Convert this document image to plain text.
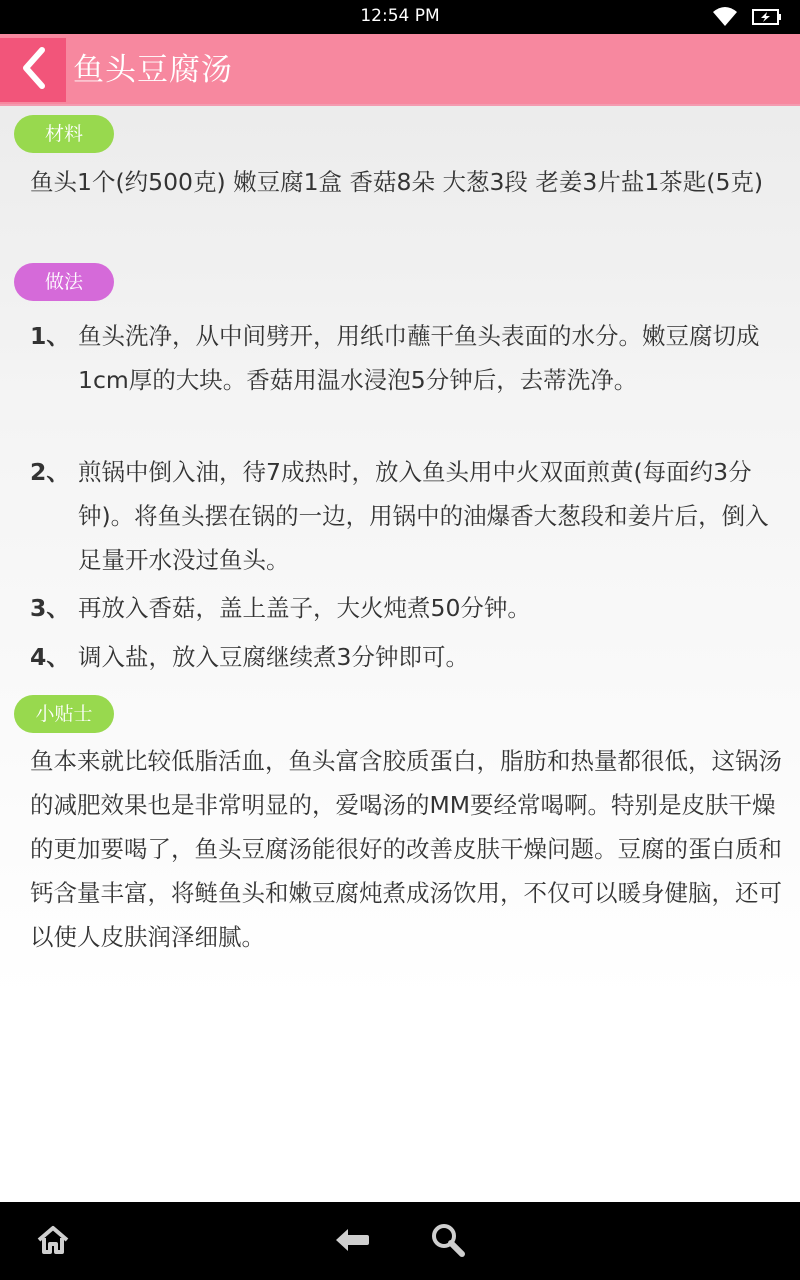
12:54 PM
鱼头豆腐汤
材料
鱼头1个(约500克) 嫩豆腐1盒 香菇8朵 大葱3段 老姜3片盐1茶匙(5克)
做法
1、 鱼头洗净，从中间劈开，用纸巾蘸干鱼头表面的水分。嫩豆腐切成1cm厚的大块。香菇用温水浸泡5分钟后，去蒂洗净。
2、 煎锅中倒入油，待7成热时，放入鱼头用中火双面煎黄(每面约3分钟)。将鱼头摆在锅的一边，用锅中的油爆香大葱段和姜片后，倒入足量开水没过鱼头。
3、 再放入香菇，盖上盖子，大火炖煮50分钟。
4、 调入盐，放入豆腐继续煮3分钟即可。
小贴士
鱼本来就比较低脂活血，鱼头富含胶质蛋白，脂肪和热量都很低，这锅汤的减肥效果也是非常明显的，爱喝汤的MM要经常喝啊。特别是皮肤干燥的更加要喝了，鱼头豆腐汤能很好的改善皮肤干燥问题。豆腐的蛋白质和钙含量丰富，将鲢鱼头和嫩豆腐炖煮成汤饮用，不仅可以暖身健脑，还可以使人皮肤润泽细腻。
